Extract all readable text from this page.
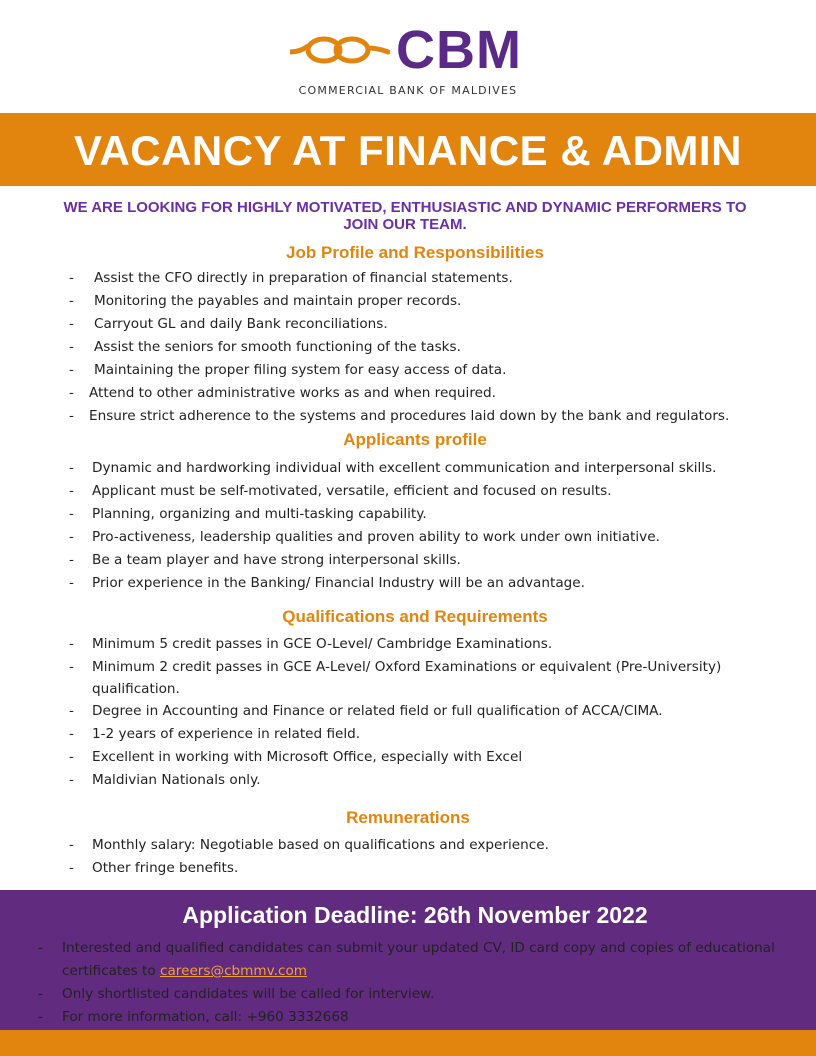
CBM
COMMERCIAL BANK OF MALDIVES
VACANCY AT FINANCE & ADMIN
WE ARE LOOKING FOR HIGHLY MOTIVATED, ENTHUSIASTIC AND DYNAMIC PERFORMERS TO JOIN OUR TEAM.
Job Profile and Responsibilities
- Assist the CFO directly in preparation of financial statements.
- Monitoring the payables and maintain proper records.
- Carryout GL and daily Bank reconciliations.
- Assist the seniors for smooth functioning of the tasks.
- Maintaining the proper filing system for easy access of data.
- Attend to other administrative works as and when required.
- Ensure strict adherence to the systems and procedures laid down by the bank and regulators.
Applicants profile
- Dynamic and hardworking individual with excellent communication and interpersonal skills.
- Applicant must be self-motivated, versatile, efficient and focused on results.
- Planning, organizing and multi-tasking capability.
- Pro-activeness, leadership qualities and proven ability to work under own initiative.
- Be a team player and have strong interpersonal skills.
- Prior experience in the Banking/ Financial Industry will be an advantage.
Qualifications and Requirements
- Minimum 5 credit passes in GCE O-Level/ Cambridge Examinations.
- Minimum 2 credit passes in GCE A-Level/ Oxford Examinations or equivalent (Pre-University) qualification.
- Degree in Accounting and Finance or related field or full qualification of ACCA/CIMA.
- 1-2 years of experience in related field.
- Excellent in working with Microsoft Office, especially with Excel
- Maldivian Nationals only.
Remunerations
- Monthly salary: Negotiable based on qualifications and experience.
- Other fringe benefits.
Application Deadline: 26th November 2022
- Interested and qualified candidates can submit your updated CV, ID card copy and copies of educational certificates to careers@cbmmv.com
- Only shortlisted candidates will be called for interview.
- For more information, call: +960 3332668
